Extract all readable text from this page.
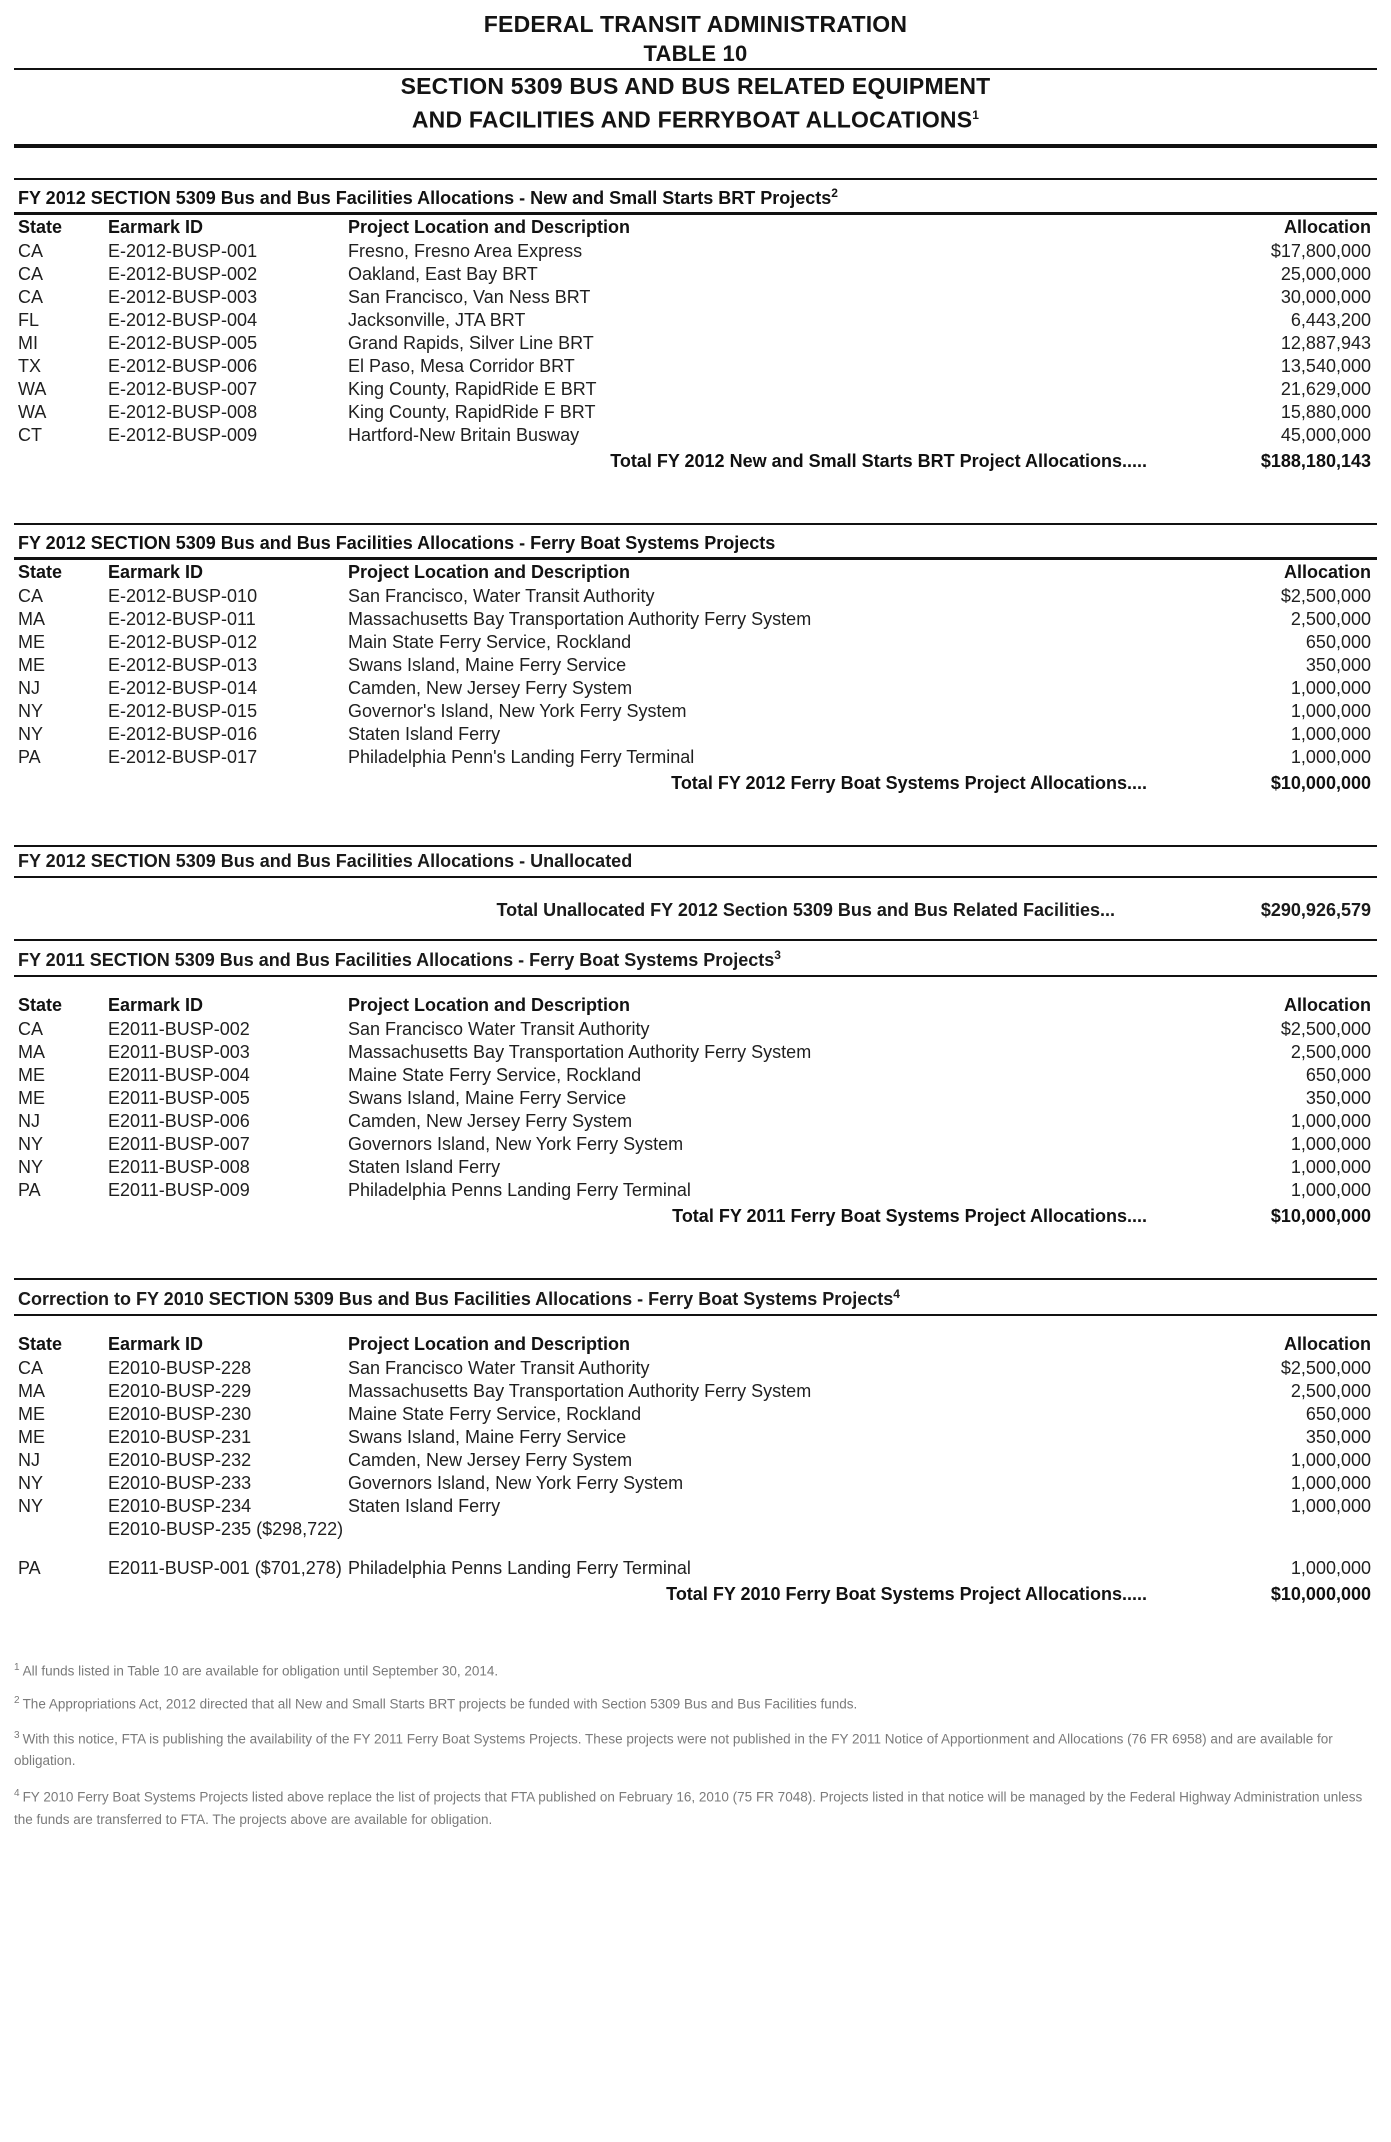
FEDERAL TRANSIT ADMINISTRATION
TABLE 10
SECTION 5309 BUS AND BUS RELATED EQUIPMENT
AND FACILITIES AND FERRYBOAT ALLOCATIONS$^1$
FY 2012 SECTION 5309 Bus and Bus Facilities Allocations - New and Small Starts BRT Projects$^2$
State	Earmark ID	Project Location and Description	Allocation
CA	E-2012-BUSP-001	Fresno, Fresno Area Express	$17,800,000
CA	E-2012-BUSP-002	Oakland, East Bay BRT	25,000,000
CA	E-2012-BUSP-003	San Francisco, Van Ness BRT	30,000,000
FL	E-2012-BUSP-004	Jacksonville, JTA BRT	6,443,200
MI	E-2012-BUSP-005	Grand Rapids, Silver Line BRT	12,887,943
TX	E-2012-BUSP-006	El Paso, Mesa Corridor BRT	13,540,000
WA	E-2012-BUSP-007	King County, RapidRide E BRT	21,629,000
WA	E-2012-BUSP-008	King County, RapidRide F BRT	15,880,000
CT	E-2012-BUSP-009	Hartford-New Britain Busway	45,000,000
Total FY 2012 New and Small Starts BRT Project Allocations.....			$188,180,143
FY 2012 SECTION 5309 Bus and Bus Facilities Allocations - Ferry Boat Systems Projects
State	Earmark ID	Project Location and Description	Allocation
CA	E-2012-BUSP-010	San Francisco, Water Transit Authority	$2,500,000
MA	E-2012-BUSP-011	Massachusetts Bay Transportation Authority Ferry System	2,500,000
ME	E-2012-BUSP-012	Main State Ferry Service, Rockland	650,000
ME	E-2012-BUSP-013	Swans Island, Maine Ferry Service	350,000
NJ	E-2012-BUSP-014	Camden, New Jersey Ferry System	1,000,000
NY	E-2012-BUSP-015	Governor's Island, New York Ferry System	1,000,000
NY	E-2012-BUSP-016	Staten Island Ferry	1,000,000
PA	E-2012-BUSP-017	Philadelphia Penn's Landing Ferry Terminal	1,000,000
Total FY 2012 Ferry Boat Systems Project Allocations....			$10,000,000
FY 2012 SECTION 5309 Bus and Bus Facilities Allocations - Unallocated
Total Unallocated FY 2012 Section 5309 Bus and Bus Related Facilities...	$290,926,579
FY 2011 SECTION 5309 Bus and Bus Facilities Allocations - Ferry Boat Systems Projects$^3$

State	Earmark ID	Project Location and Description	Allocation
CA	E2011-BUSP-002	San Francisco Water Transit Authority	$2,500,000
MA	E2011-BUSP-003	Massachusetts Bay Transportation Authority Ferry System	2,500,000
ME	E2011-BUSP-004	Maine State Ferry Service, Rockland	650,000
ME	E2011-BUSP-005	Swans Island, Maine Ferry Service	350,000
NJ	E2011-BUSP-006	Camden, New Jersey Ferry System	1,000,000
NY	E2011-BUSP-007	Governors Island, New York Ferry System	1,000,000
NY	E2011-BUSP-008	Staten Island Ferry	1,000,000
PA	E2011-BUSP-009	Philadelphia Penns Landing Ferry Terminal	1,000,000
Total FY 2011 Ferry Boat Systems Project Allocations....			$10,000,000
Correction to FY 2010 SECTION 5309 Bus and Bus Facilities Allocations - Ferry Boat Systems Projects$^4$

State	Earmark ID	Project Location and Description	Allocation
CA	E2010-BUSP-228	San Francisco Water Transit Authority	$2,500,000
MA	E2010-BUSP-229	Massachusetts Bay Transportation Authority Ferry System	2,500,000
ME	E2010-BUSP-230	Maine State Ferry Service, Rockland	650,000
ME	E2010-BUSP-231	Swans Island, Maine Ferry Service	350,000
NJ	E2010-BUSP-232	Camden, New Jersey Ferry System	1,000,000
NY	E2010-BUSP-233	Governors Island, New York Ferry System	1,000,000
NY	E2010-BUSP-234	Staten Island Ferry	1,000,000
	E2010-BUSP-235 ($298,722)		

PA	E2011-BUSP-001 ($701,278)	Philadelphia Penns Landing Ferry Terminal	1,000,000
Total FY 2010 Ferry Boat Systems Project Allocations.....			$10,000,000
$^1$ All funds listed in Table 10 are available for obligation until September 30, 2014.
$^2$ The Appropriations Act, 2012 directed that all New and Small Starts BRT projects be funded with Section 5309 Bus and Bus Facilities funds.
$^3$ With this notice, FTA is publishing the availability of the FY 2011 Ferry Boat Systems Projects. These projects were not published in the FY 2011 Notice of Apportionment and Allocations (76 FR 6958) and are available for obligation.
$^4$ FY 2010 Ferry Boat Systems Projects listed above replace the list of projects that FTA published on February 16, 2010 (75 FR 7048). Projects listed in that notice will be managed by the Federal Highway Administration unless the funds are transferred to FTA. The projects above are available for obligation.
